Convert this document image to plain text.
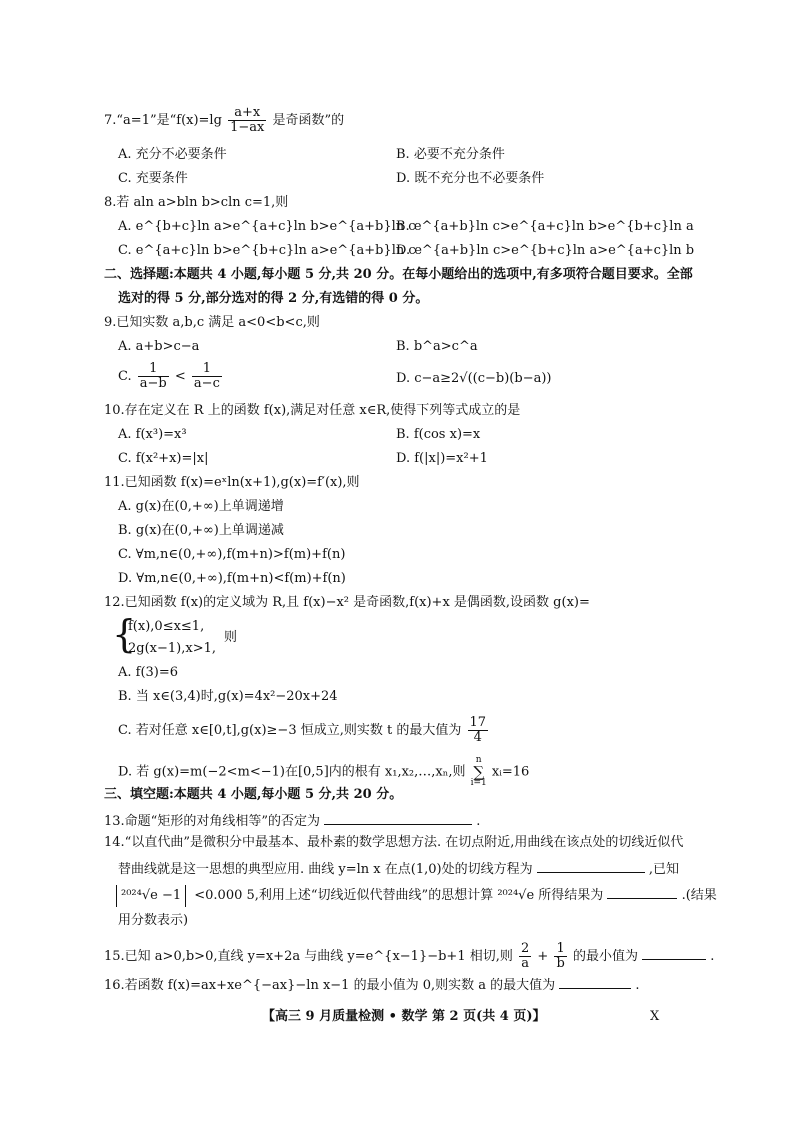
7.“a=1”是“$f(x)=\lg \frac{a+x}{1-ax}$ 是奇函数”的
A. 充分不必要条件	B. 必要不充分条件
C. 充要条件	D. 既不充分也不必要条件
8.若 aln a>bln b>cln c=1,则
A. e^{b+c}ln a>e^{a+c}ln b>e^{a+b}ln c
B. e^{a+b}ln c>e^{a+c}ln b>e^{b+c}ln a
C. e^{a+c}ln b>e^{b+c}ln a>e^{a+b}ln c
D. e^{a+b}ln c>e^{b+c}ln a>e^{a+c}ln b
二、选择题:本题共 4 小题,每小题 5 分,共 20 分。在每小题给出的选项中,有多项符合题目要求。全部
选对的得 5 分,部分选对的得 2 分,有选错的得 0 分。
9.已知实数 a,b,c 满足 a<0<b<c,则
A. a+b>c−a	B. b^a>c^a
C. $\frac{1}{a-b} < \frac{1}{a-c}$	D. c−a≥2√((c−b)(b−a))
10.存在定义在 R 上的函数 f(x),满足对任意 x∈R,使得下列等式成立的是
A. f(x³)=x³	B. f(cos x)=x
C. f(x²+x)=|x|	D. f(|x|)=x²+1
11.已知函数 f(x)=eˣln(x+1),g(x)=f′(x),则
A. g(x)在(0,+∞)上单调递增
B. g(x)在(0,+∞)上单调递减
C. ∀m,n∈(0,+∞),f(m+n)>f(m)+f(n)
D. ∀m,n∈(0,+∞),f(m+n)<f(m)+f(n)
12.已知函数 f(x)的定义域为 R,且 f(x)−x² 是奇函数,f(x)+x 是偶函数,设函数 g(x)=
{
f(x),0≤x≤1,
2g(x−1),x>1,
则
A. f(3)=6
B. 当 x∈(3,4)时,g(x)=4x²−20x+24
C. 若对任意 x∈[0,t],g(x)≥−3 恒成立,则实数 t 的最大值为 $\frac{17}{4}$
D. 若 g(x)=m(−2<m<−1)在[0,5]内的根有 x₁,x₂,…,xₙ,则 n
∑
i=1 xᵢ=16
三、填空题:本题共 4 小题,每小题 5 分,共 20 分。
13.命题“矩形的对角线相等”的否定为	.
14.“以直代曲”是微积分中最基本、最朴素的数学思想方法. 在切点附近,用曲线在该点处的切线近似代
替曲线就是这一思想的典型应用. 曲线 y=ln x 在点(1,0)处的切线方程为	,已知
²⁰²⁴√e −1 <0.000 5,利用上述“切线近似代替曲线”的思想计算 ²⁰²⁴√e 所得结果为	.(结果
用分数表示)
15.已知 a>0,b>0,直线 y=x+2a 与曲线 y=e^{x−1}−b+1 相切,则 $\frac{2}{a} + \frac{1}{b}$ 的最小值为	.
16.若函数 f(x)=ax+xe^{−ax}−ln x−1 的最小值为 0,则实数 a 的最大值为	.
【高三 9 月质量检测 • 数学 第 2 页(共 4 页)】	X
